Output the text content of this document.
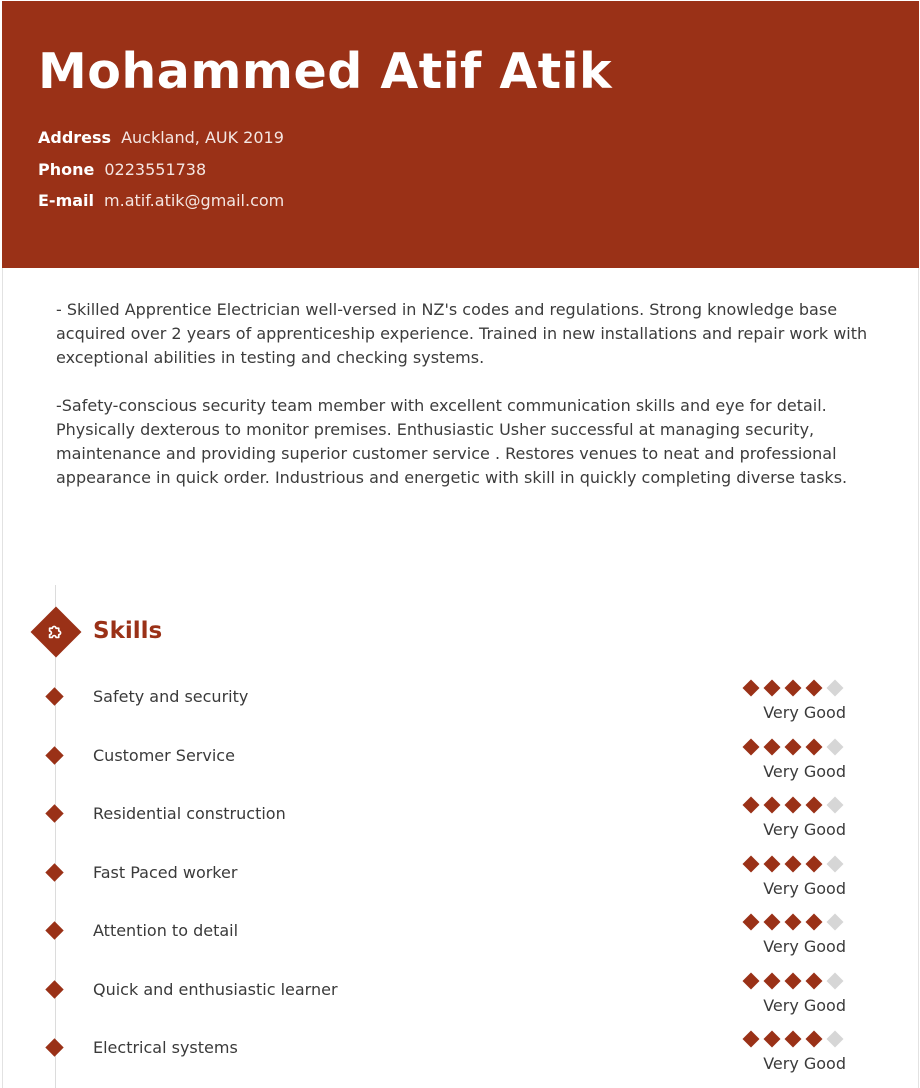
Mohammed Atif Atik
Address Auckland, AUK 2019
Phone 0223551738
E-mail m.atif.atik@gmail.com

- Skilled Apprentice Electrician well-versed in NZ's codes and regulations. Strong knowledge base acquired over 2 years of apprenticeship experience. Trained in new installations and repair work with exceptional abilities in testing and checking systems.

-Safety-conscious security team member with excellent communication skills and eye for detail. Physically dexterous to monitor premises. Enthusiastic Usher successful at managing security, maintenance and providing superior customer service . Restores venues to neat and professional appearance in quick order. Industrious and energetic with skill in quickly completing diverse tasks.

Skills
Safety and security
Very Good
Customer Service
Very Good
Residential construction
Very Good
Fast Paced worker
Very Good
Attention to detail
Very Good
Quick and enthusiastic learner
Very Good
Electrical systems
Very Good
